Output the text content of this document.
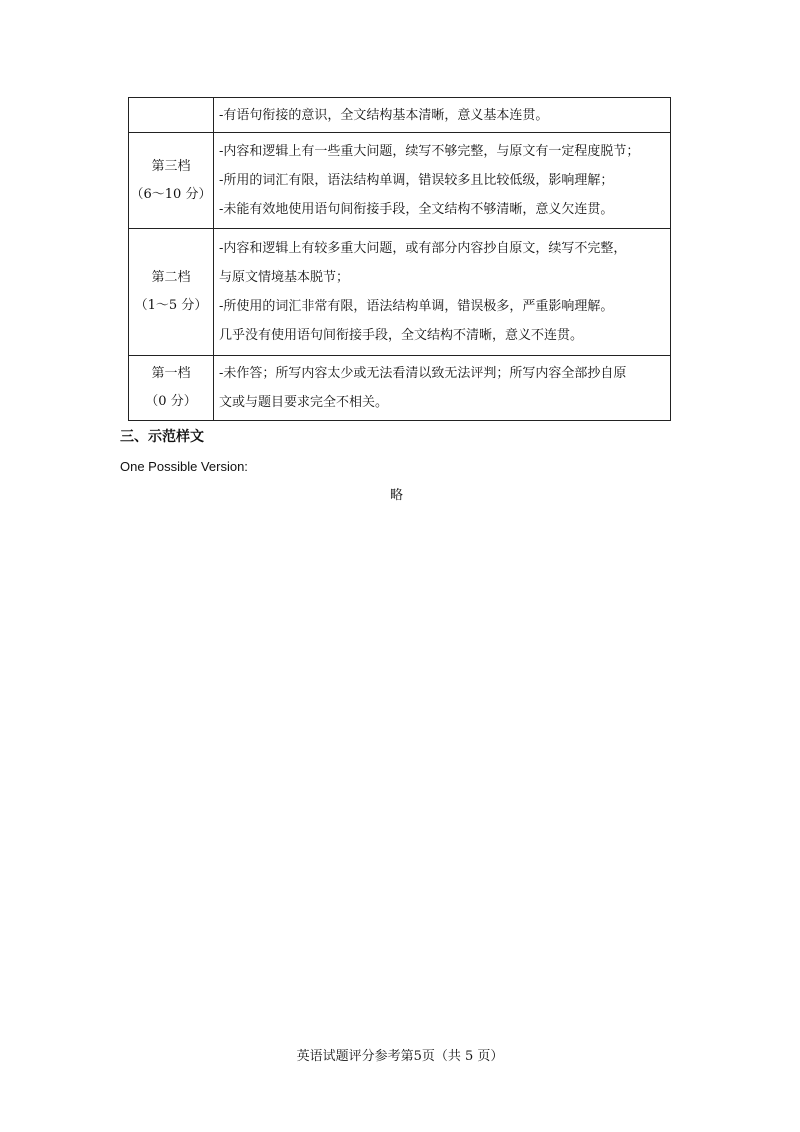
	-有语句衔接的意识，全文结构基本清晰，意义基本连贯。

第三档
（6～10 分）	-内容和逻辑上有一些重大问题，续写不够完整，与原文有一定程度脱节；
-所用的词汇有限，语法结构单调，错误较多且比较低级，影响理解；
-未能有效地使用语句间衔接手段，全文结构不够清晰，意义欠连贯。

第二档
（1～5 分）	-内容和逻辑上有较多重大问题，或有部分内容抄自原文，续写不完整，
与原文情境基本脱节；
-所使用的词汇非常有限，语法结构单调，错误极多，严重影响理解。
几乎没有使用语句间衔接手段，全文结构不清晰，意义不连贯。

第一档
（0 分）	-未作答；所写内容太少或无法看清以致无法评判；所写内容全部抄自原
文或与题目要求完全不相关。
三、示范样文
One Possible Version:
略
英语试题评分参考第5页（共 5 页）
